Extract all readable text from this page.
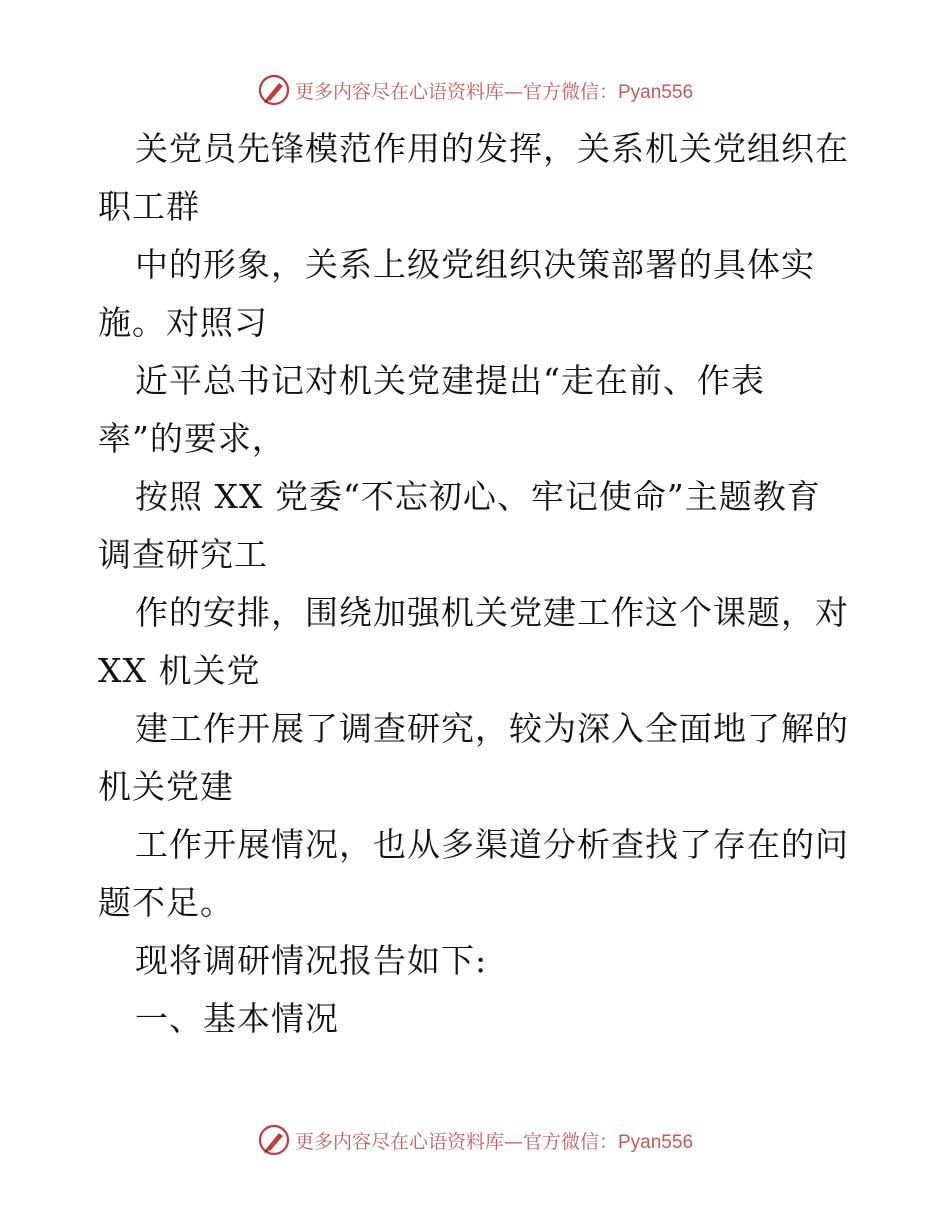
更多内容尽在心语资料库—官方微信：Pyan556
关党员先锋模范作用的发挥，关系机关党组织在
职工群
中的形象，关系上级党组织决策部署的具体实
施。对照习
近平总书记对机关党建提出“走在前、作表
率”的要求，
按照 XX 党委“不忘初心、牢记使命”主题教育
调查研究工
作的安排，围绕加强机关党建工作这个课题，对
XX 机关党
建工作开展了调查研究，较为深入全面地了解的
机关党建
工作开展情况，也从多渠道分析查找了存在的问
题不足。
现将调研情况报告如下:
一、基本情况
更多内容尽在心语资料库—官方微信：Pyan556
